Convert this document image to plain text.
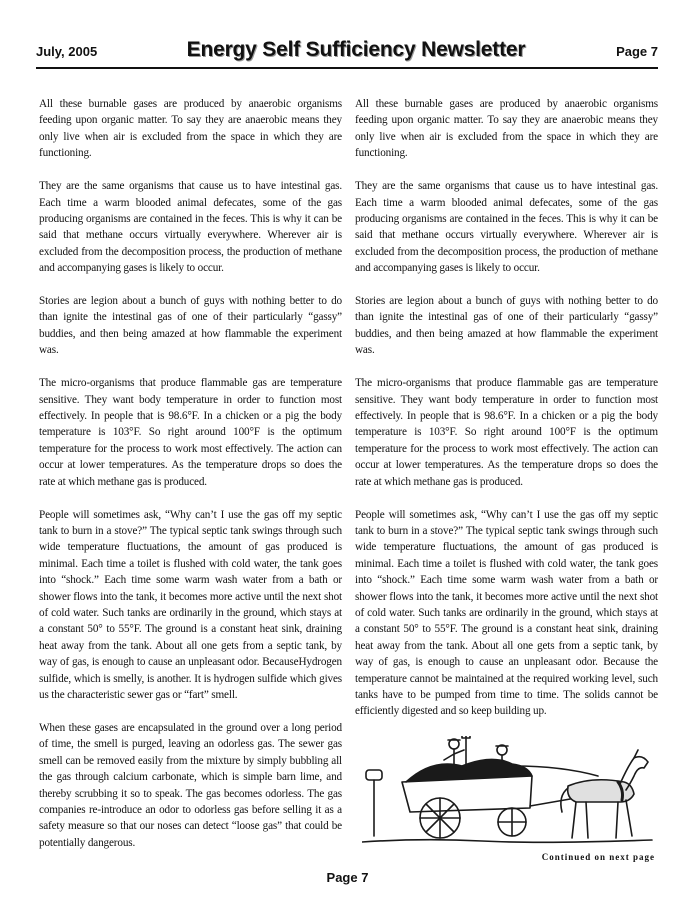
July, 2005	Energy Self Sufficiency Newsletter	Page 7

All these burnable gases are produced by anaerobic organisms feeding upon organic matter. To say they are anaerobic means they only live when air is excluded from the space in which they are functioning.

They are the same organisms that cause us to have intestinal gas. Each time a warm blooded animal defecates, some of the gas producing organisms are contained in the feces. This is why it can be said that methane occurs virtually everywhere. Wherever air is excluded from the decomposition process, the production of methane and accompanying gases is likely to occur.

Stories are legion about a bunch of guys with nothing better to do than ignite the intestinal gas of one of their particularly “gassy” buddies, and then being amazed at how flammable the experiment was.

The micro-organisms that produce flammable gas are temperature sensitive. They want body temperature in order to function most effectively. In people that is 98.6°F. In a chicken or a pig the body temperature is 103°F. So right around 100°F is the optimum temperature for the process to work most effectively. The action can occur at lower temperatures. As the temperature drops so does the rate at which methane gas is produced.

People will sometimes ask, “Why can’t I use the gas off my septic tank to burn in a stove?” The typical septic tank swings through such wide temperature fluctuations, the amount of gas produced is minimal. Each time a toilet is flushed with cold water, the tank goes into “shock.” Each time some warm wash water from a bath or shower flows into the tank, it becomes more active until the next shot of cold water. Such tanks are ordinarily in the ground, which stays at a constant 50° to 55°F. The ground is a constant heat sink, draining heat away from the tank. About all one gets from a septic tank, by way of gas, is enough to cause an unpleasant odor. BecauseHydrogen sulfide, which is smelly, is another. It is hydrogen sulfide which gives us the characteristic sewer gas or “fart” smell.

When these gases are encapsulated in the ground over a long period of time, the smell is purged, leaving an odorless gas. The sewer gas smell can be removed easily from the mixture by simply bubbling all the gas through calcium carbonate, which is simple barn lime, and thereby scrubbing it so to speak. The gas becomes odorless. The gas companies re-introduce an odor to odorless gas before selling it as a safety measure so that our noses can detect “loose gas” that could be potentially dangerous.

All these burnable gases are produced by anaerobic organisms feeding upon organic matter. To say they are anaerobic means they only live when air is excluded from the space in which they are functioning.

They are the same organisms that cause us to have intestinal gas. Each time a warm blooded animal defecates, some of the gas producing organisms are contained in the feces. This is why it can be said that methane occurs virtually everywhere. Wherever air is excluded from the decomposition process, the production of methane and accompanying gases is likely to occur.

Stories are legion about a bunch of guys with nothing better to do than ignite the intestinal gas of one of their particularly “gassy” buddies, and then being amazed at how flammable the experiment was.

The micro-organisms that produce flammable gas are temperature sensitive. They want body temperature in order to function most effectively. In people that is 98.6°F. In a chicken or a pig the body temperature is 103°F. So right around 100°F is the optimum temperature for the process to work most effectively. The action can occur at lower temperatures. As the temperature drops so does the rate at which methane gas is produced.

People will sometimes ask, “Why can’t I use the gas off my septic tank to burn in a stove?” The typical septic tank swings through such wide temperature fluctuations, the amount of gas produced is minimal. Each time a toilet is flushed with cold water, the tank goes into “shock.” Each time some warm wash water from a bath or shower flows into the tank, it becomes more active until the next shot of cold water. Such tanks are ordinarily in the ground, which stays at a constant 50° to 55°F. The ground is a constant heat sink, draining heat away from the tank. About all one gets from a septic tank, by way of gas, is enough to cause an unpleasant odor. Because the temperature cannot be maintained at the required working level, such tanks have to be pumped from time to time. The solids cannot be efficiently digested and so keep building up.

Continued on next page
Page 7
